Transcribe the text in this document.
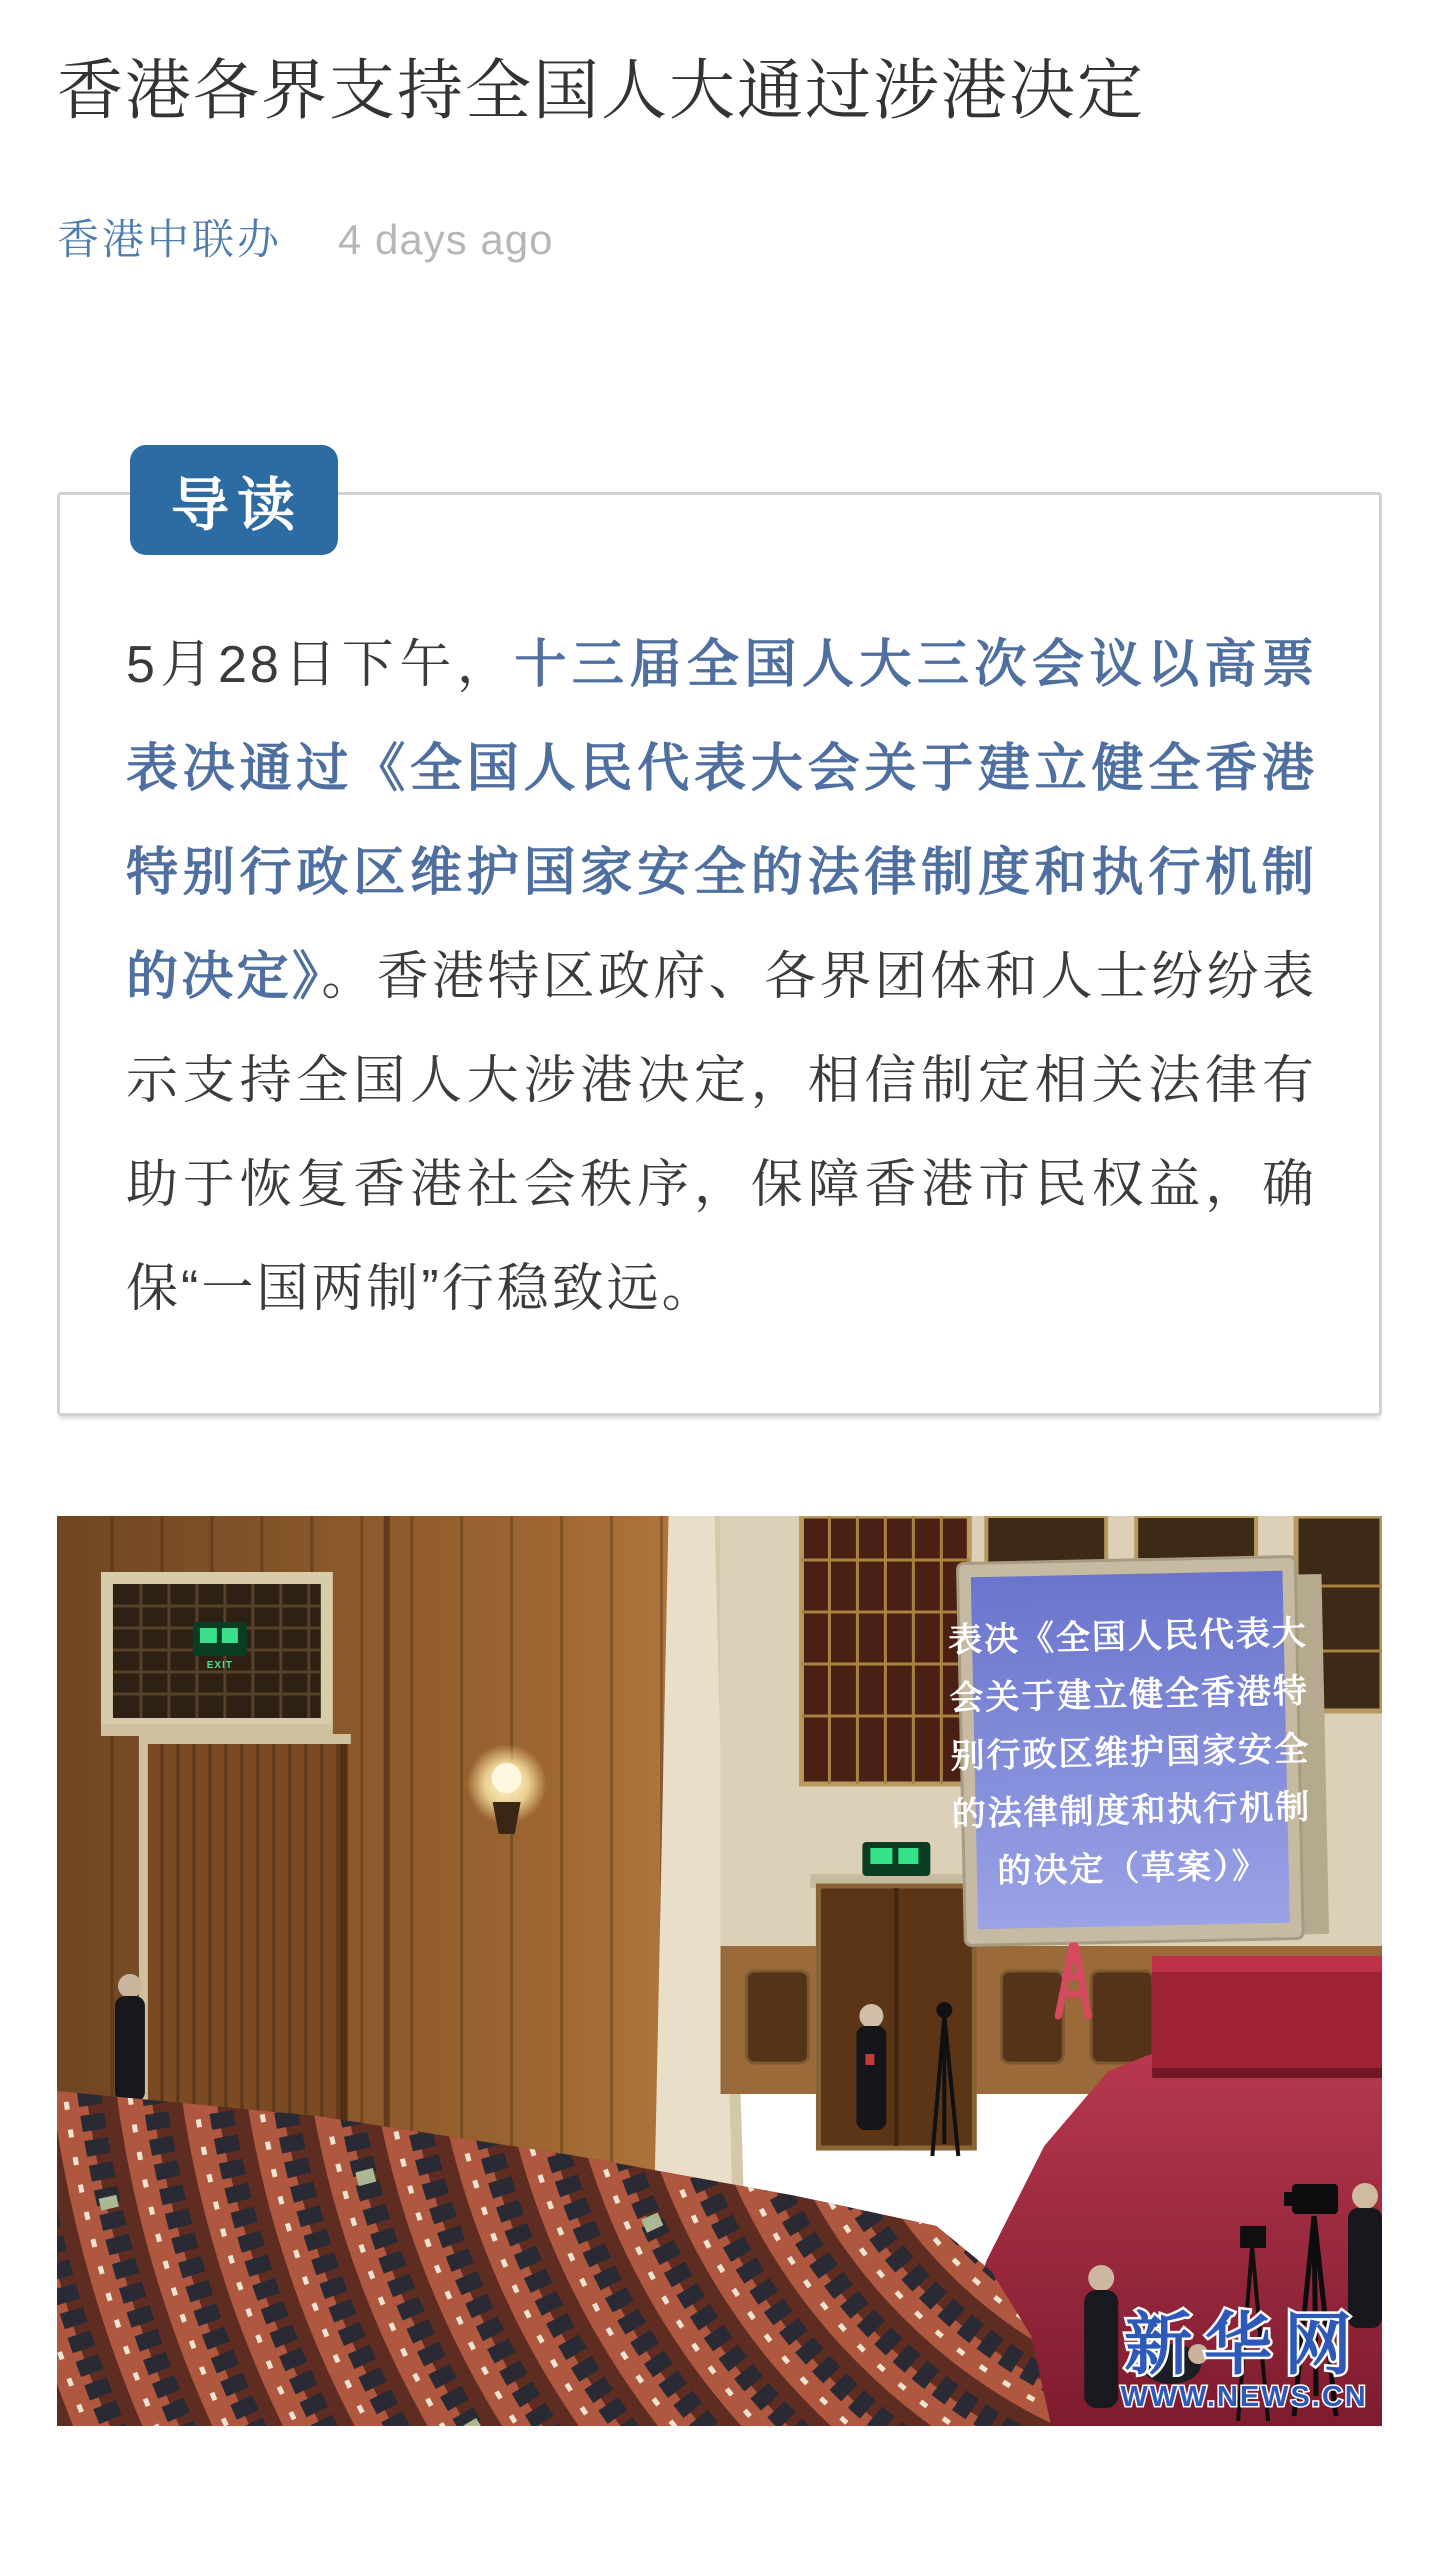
香港各界支持全国人大通过涉港决定
香港中联办 4 days ago
导读

5月28日下午，十三届全国人大三次会议以高票表决通过《全国人民代表大会关于建立健全香港特别行政区维护国家安全的法律制度和执行机制的决定》。香港特区政府、各界团体和人士纷纷表示支持全国人大涉港决定，相信制定相关法律有助于恢复香港社会秩序，保障香港市民权益，确保“一国两制”行稳致远。

EXIT
表决《全国人民代表大
会关于建立健全香港特
别行政区维护国家安全
的法律制度和执行机制
的决定（草案）》
新华网
WWW.NEWS.CN
